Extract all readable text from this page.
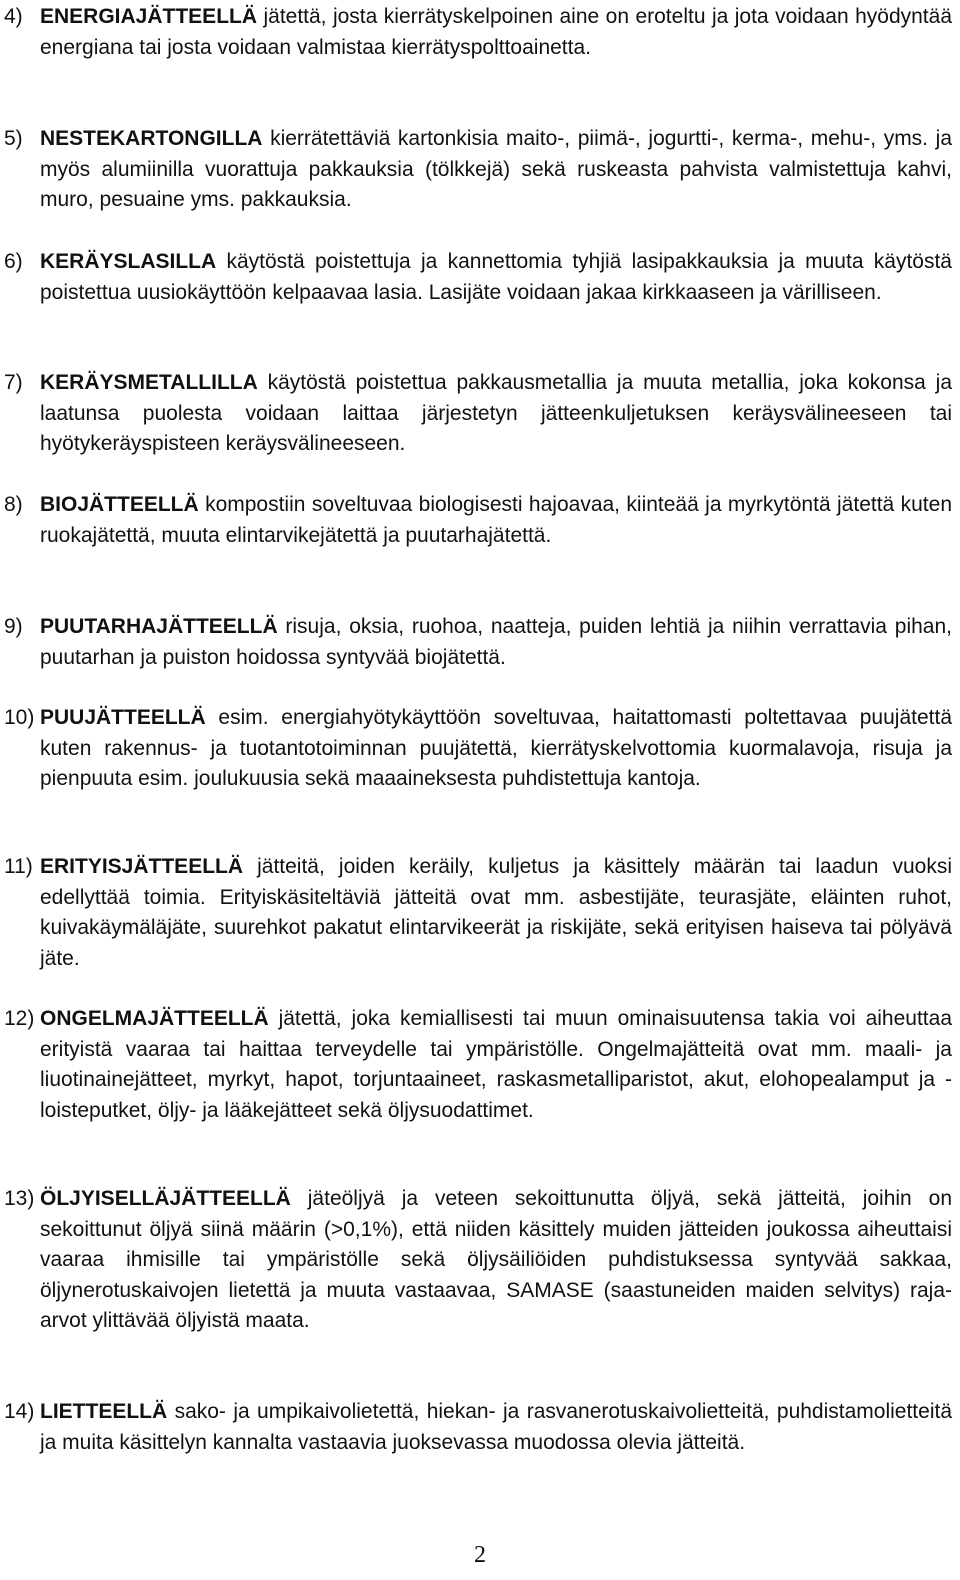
4) ENERGIAJÄTTEELLÄ jätettä, josta kierrätyskelpoinen aine on eroteltu ja jota voidaan hyödyntää energiana tai josta voidaan valmistaa kierrätyspolttoainetta.
5) NESTEKARTONGILLA kierrätettäviä kartonkisia maito-, piimä-, jogurtti-, kerma-, mehu-, yms. ja myös alumiinilla vuorattuja pakkauksia (tölkkejä) sekä ruskeasta pahvista valmistettuja kahvi, muro, pesuaine yms. pakkauksia.
6) KERÄYSLASILLA käytöstä poistettuja ja kannettomia tyhjiä lasipakkauksia ja muuta käytöstä poistettua uusiokäyttöön kelpaavaa lasia. Lasijäte voidaan jakaa kirkkaaseen ja värilliseen.
7) KERÄYSMETALLILLA käytöstä poistettua pakkausmetallia ja muuta metallia, joka kokonsa ja laatunsa puolesta voidaan laittaa järjestetyn jätteenkuljetuksen keräysvälineeseen tai hyötykeräyspisteen keräysvälineeseen.
8) BIOJÄTTEELLÄ kompostiin soveltuvaa biologisesti hajoavaa, kiinteää ja myrkytöntä jätettä kuten ruokajätettä, muuta elintarvikejätettä ja puutarhajätettä.
9) PUUTARHAJÄTTEELLÄ risuja, oksia, ruohoa, naatteja, puiden lehtiä ja niihin verrattavia pihan, puutarhan ja puiston hoidossa syntyvää biojätettä.
10) PUUJÄTTEELLÄ esim. energiahyötykäyttöön soveltuvaa, haitattomasti poltettavaa puujätettä kuten rakennus- ja tuotantotoiminnan puujätettä, kierrätyskelvottomia kuormalavoja, risuja ja pienpuuta esim. joulukuusia sekä maaaineksesta puhdistettuja kantoja.
11) ERITYISJÄTTEELLÄ jätteitä, joiden keräily, kuljetus ja käsittely määrän tai laadun vuoksi edellyttää toimia. Erityiskäsiteltäviä jätteitä ovat mm. asbestijäte, teurasjäte, eläinten ruhot, kuivakäymäläjäte, suurehkot pakatut elintarvikeerät ja riskijäte, sekä erityisen haiseva tai pölyävä jäte.
12) ONGELMAJÄTTEELLÄ jätettä, joka kemiallisesti tai muun ominaisuutensa takia voi aiheuttaa erityistä vaaraa tai haittaa terveydelle tai ympäristölle. Ongelmajätteitä ovat mm. maali- ja liuotinainejätteet, myrkyt, hapot, torjuntaaineet, raskasmetalliparistot, akut, elohopealamput ja -loisteputket, öljy- ja lääkejätteet sekä öljysuodattimet.
13) ÖLJYISELLÄJÄTTEELLÄ jäteöljyä ja veteen sekoittunutta öljyä, sekä jätteitä, joihin on sekoittunut öljyä siinä määrin (>0,1%), että niiden käsittely muiden jätteiden joukossa aiheuttaisi vaaraa ihmisille tai ympäristölle sekä öljysäiliöiden puhdistuksessa syntyvää sakkaa, öljynerotuskaivojen lietettä ja muuta vastaavaa, SAMASE (saastuneiden maiden selvitys) raja- arvot ylittävää öljyistä maata.
14) LIETTEELLÄ sako- ja umpikaivolietettä, hiekan- ja rasvanerotuskaivolietteitä, puhdistamolietteitä ja muita käsittelyn kannalta vastaavia juoksevassa muodossa olevia jätteitä.
2
